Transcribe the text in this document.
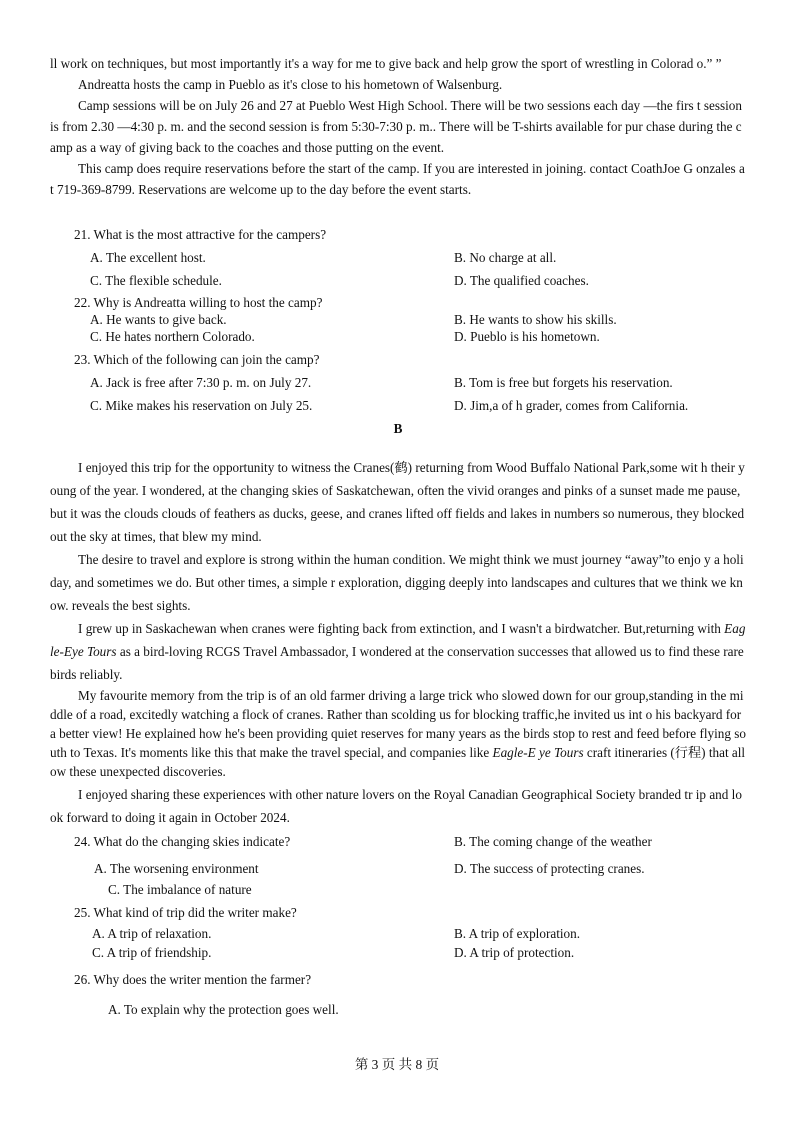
ll work on techniques, but most importantly it's a way for me to give back and help grow the sport of wrestling in Colorad o.” ”

Andreatta hosts the camp in Pueblo as it's close to his hometown of Walsenburg.

Camp sessions will be on July 26 and 27 at Pueblo West High School. There will be two sessions each day —the firs t session is from 2.30 —4:30 p. m. and the second session is from 5:30-7:30 p. m.. There will be T-shirts available for pur chase during the camp as a way of giving back to the coaches and those putting on the event.

This camp does require reservations before the start of the camp. If you are interested in joining. contact CoathJoe G onzales at 719-369-8799. Reservations are welcome up to the day before the event starts.

21. What is the most attractive for the campers?

A. The excellent host.	B. No charge at all.
C. The flexible schedule.	D. The qualified coaches.

22. Why is Andreatta willing to host the camp?

A. He wants to give back.	B. He wants to show his skills.
C. He hates northern Colorado.	D. Pueblo is his hometown.

23. Which of the following can join the camp?

A. Jack is free after 7:30 p. m. on July 27.	B. Tom is free but forgets his reservation.
C. Mike makes his reservation on July 25.	D. Jim,a of h grader, comes from California.

B

I enjoyed this trip for the opportunity to witness the Cranes(鹤) returning from Wood Buffalo National Park,some wit h their young of the year. I wondered, at the changing skies of Saskatchewan, often the vivid oranges and pinks of a sunset made me pause, but it was the clouds clouds of feathers as ducks, geese, and cranes lifted off fields and lakes in numbers so numerous, they blocked out the sky at times, that blew my mind.

The desire to travel and explore is strong within the human condition. We might think we must journey “away”to enjo y a holiday, and sometimes we do. But other times, a simple r exploration, digging deeply into landscapes and cultures that we think we know. reveals the best sights.

I grew up in Saskachewan when cranes were fighting back from extinction, and I wasn't a birdwatcher. But,returning with Eagle-Eye Tours as a bird-loving RCGS Travel Ambassador, I wondered at the conservation successes that allowed us to find these rare birds reliably.

My favourite memory from the trip is of an old farmer driving a large trick who slowed down for our group,standing in the middle of a road, excitedly watching a flock of cranes. Rather than scolding us for blocking traffic,he invited us int o his backyard for a better view! He explained how he's been providing quiet reserves for many years as the birds stop to rest and feed before flying south to Texas. It's moments like this that make the travel special, and companies like Eagle-E ye Tours craft itineraries (行程) that allow these unexpected discoveries.

I enjoyed sharing these experiences with other nature lovers on the Royal Canadian Geographical Society branded tr ip and look forward to doing it again in October 2024.

24. What do the changing skies indicate?	B. The coming change of the weather
A. The worsening environment	D. The success of protecting cranes.
C. The imbalance of nature

25. What kind of trip did the writer make?

A. A trip of relaxation.	B. A trip of exploration.
C. A trip of friendship.	D. A trip of protection.

26. Why does the writer mention the farmer?

A. To explain why the protection goes well.
第 3 页 共 8 页
